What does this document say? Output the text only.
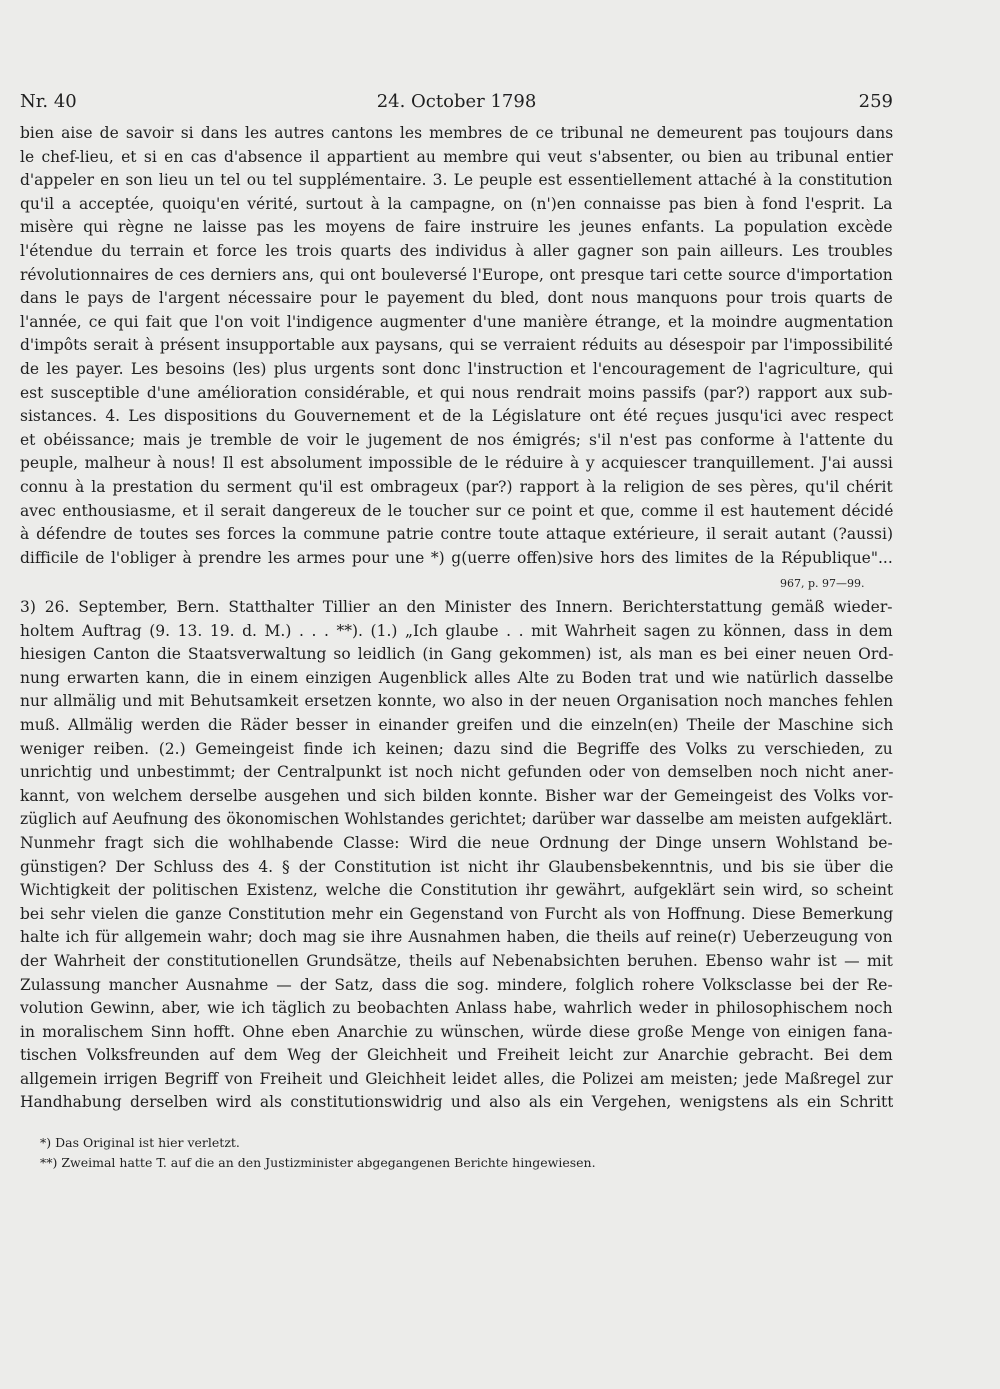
Nr. 40	24. October 1798	259
bien aise de savoir si dans les autres cantons les membres de ce tribunal ne demeurent pas toujours dans
le chef-lieu, et si en cas d'absence il appartient au membre qui veut s'absenter, ou bien au tribunal entier
d'appeler en son lieu un tel ou tel supplémentaire. 3. Le peuple est essentiellement attaché à la constitution
qu'il a acceptée, quoiqu'en vérité, surtout à la campagne, on (n')en connaisse pas bien à fond l'esprit. La
misère qui règne ne laisse pas les moyens de faire instruire les jeunes enfants. La population excède
l'étendue du terrain et force les trois quarts des individus à aller gagner son pain ailleurs. Les troubles
révolutionnaires de ces derniers ans, qui ont bouleversé l'Europe, ont presque tari cette source d'importation
dans le pays de l'argent nécessaire pour le payement du bled, dont nous manquons pour trois quarts de
l'année, ce qui fait que l'on voit l'indigence augmenter d'une manière étrange, et la moindre augmentation
d'impôts serait à présent insupportable aux paysans, qui se verraient réduits au désespoir par l'impossibilité
de les payer. Les besoins (les) plus urgents sont donc l'instruction et l'encouragement de l'agriculture, qui
est susceptible d'une amélioration considérable, et qui nous rendrait moins passifs (par?) rapport aux sub-
sistances. 4. Les dispositions du Gouvernement et de la Législature ont été reçues jusqu'ici avec respect
et obéissance; mais je tremble de voir le jugement de nos émigrés; s'il n'est pas conforme à l'attente du
peuple, malheur à nous! Il est absolument impossible de le réduire à y acquiescer tranquillement. J'ai aussi
connu à la prestation du serment qu'il est ombrageux (par?) rapport à la religion de ses pères, qu'il chérit
avec enthousiasme, et il serait dangereux de le toucher sur ce point et que, comme il est hautement décidé
à défendre de toutes ses forces la commune patrie contre toute attaque extérieure, il serait autant (?aussi)
difficile de l'obliger à prendre les armes pour une *) g(uerre offen)sive hors des limites de la République"...
967, p. 97—99.
3) 26. September, Bern. Statthalter Tillier an den Minister des Innern. Berichterstattung gemäß wieder-
holtem Auftrag (9. 13. 19. d. M.) . . . **). (1.) „Ich glaube . . mit Wahrheit sagen zu können, dass in dem
hiesigen Canton die Staatsverwaltung so leidlich (in Gang gekommen) ist, als man es bei einer neuen Ord-
nung erwarten kann, die in einem einzigen Augenblick alles Alte zu Boden trat und wie natürlich dasselbe
nur allmälig und mit Behutsamkeit ersetzen konnte, wo also in der neuen Organisation noch manches fehlen
muß. Allmälig werden die Räder besser in einander greifen und die einzeln(en) Theile der Maschine sich
weniger reiben. (2.) Gemeingeist finde ich keinen; dazu sind die Begriffe des Volks zu verschieden, zu
unrichtig und unbestimmt; der Centralpunkt ist noch nicht gefunden oder von demselben noch nicht aner-
kannt, von welchem derselbe ausgehen und sich bilden konnte. Bisher war der Gemeingeist des Volks vor-
züglich auf Aeufnung des ökonomischen Wohlstandes gerichtet; darüber war dasselbe am meisten aufgeklärt.
Nunmehr fragt sich die wohlhabende Classe: Wird die neue Ordnung der Dinge unsern Wohlstand be-
günstigen? Der Schluss des 4. § der Constitution ist nicht ihr Glaubensbekenntnis, und bis sie über die
Wichtigkeit der politischen Existenz, welche die Constitution ihr gewährt, aufgeklärt sein wird, so scheint
bei sehr vielen die ganze Constitution mehr ein Gegenstand von Furcht als von Hoffnung. Diese Bemerkung
halte ich für allgemein wahr; doch mag sie ihre Ausnahmen haben, die theils auf reine(r) Ueberzeugung von
der Wahrheit der constitutionellen Grundsätze, theils auf Nebenabsichten beruhen. Ebenso wahr ist — mit
Zulassung mancher Ausnahme — der Satz, dass die sog. mindere, folglich rohere Volksclasse bei der Re-
volution Gewinn, aber, wie ich täglich zu beobachten Anlass habe, wahrlich weder in philosophischem noch
in moralischem Sinn hofft. Ohne eben Anarchie zu wünschen, würde diese große Menge von einigen fana-
tischen Volksfreunden auf dem Weg der Gleichheit und Freiheit leicht zur Anarchie gebracht. Bei dem
allgemein irrigen Begriff von Freiheit und Gleichheit leidet alles, die Polizei am meisten; jede Maßregel zur
Handhabung derselben wird als constitutionswidrig und also als ein Vergehen, wenigstens als ein Schritt
*) Das Original ist hier verletzt.
**) Zweimal hatte T. auf die an den Justizminister abgegangenen Berichte hingewiesen.
